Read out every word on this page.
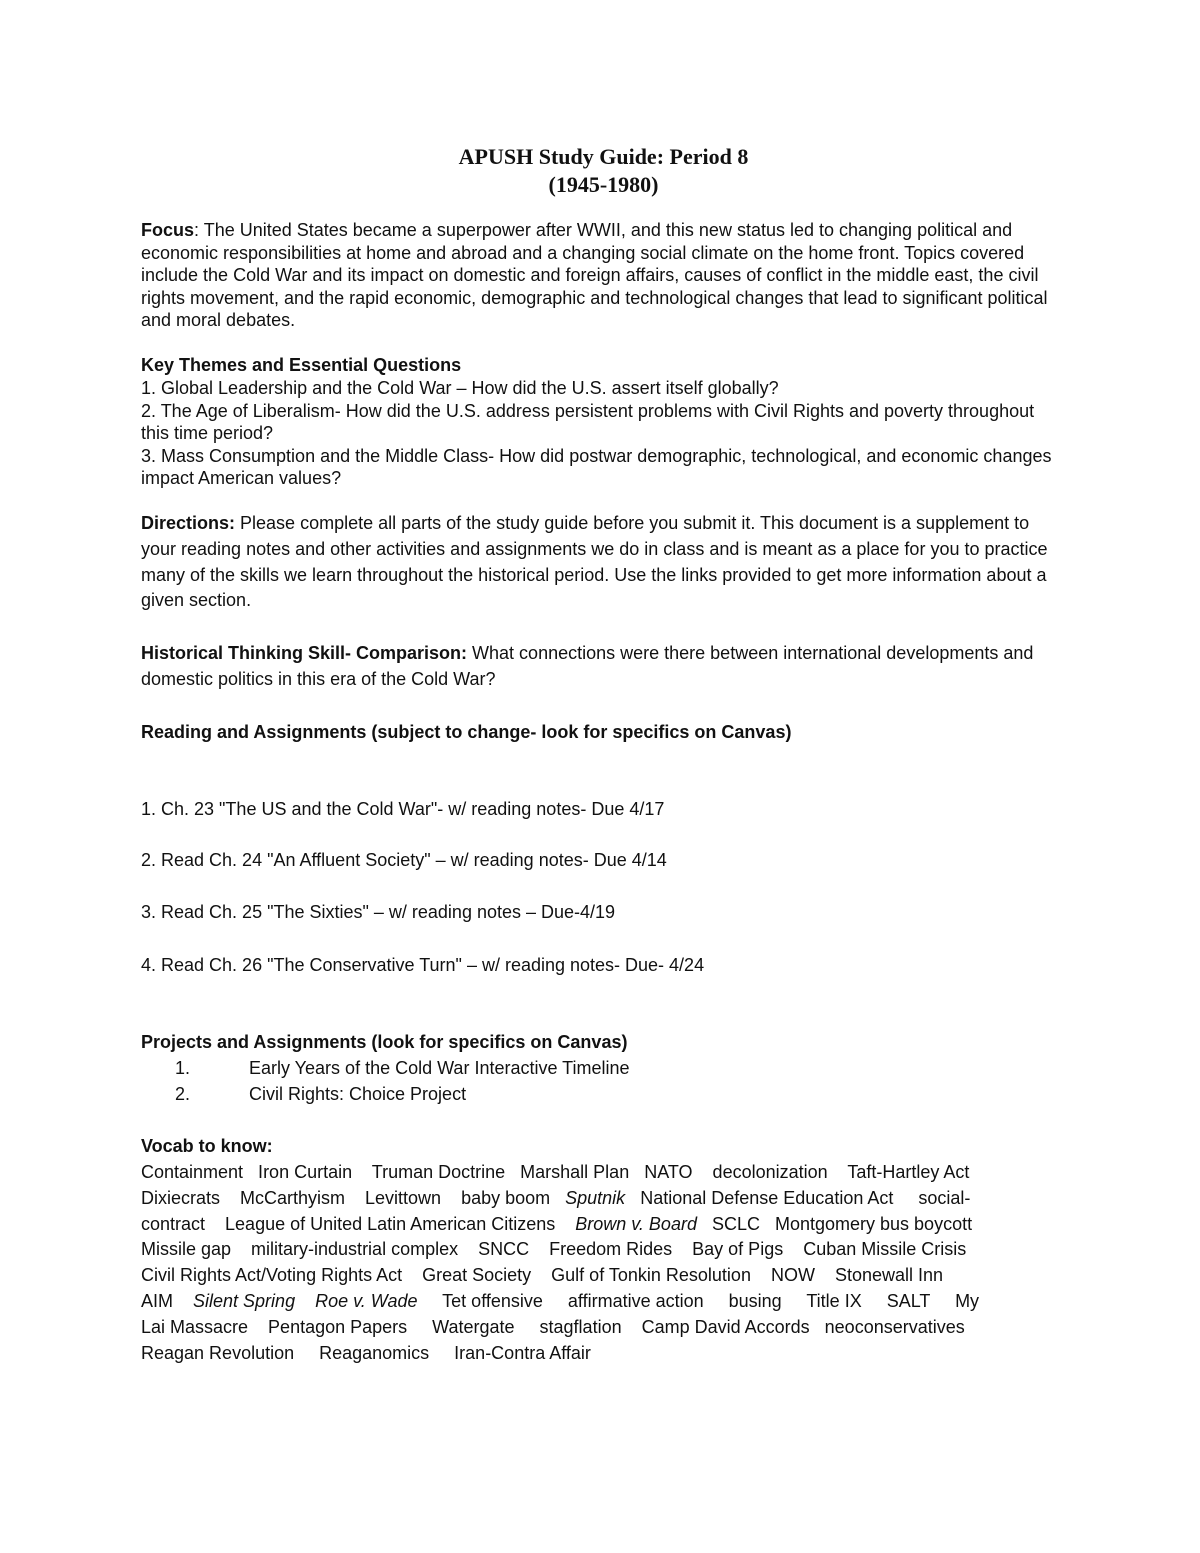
APUSH Study Guide: Period 8
(1945-1980)

Focus: The United States became a superpower after WWII, and this new status led to changing political and economic responsibilities at home and abroad and a changing social climate on the home front. Topics covered include the Cold War and its impact on domestic and foreign affairs, causes of conflict in the middle east, the civil rights movement, and the rapid economic, demographic and technological changes that lead to significant political and moral debates.

Key Themes and Essential Questions
1. Global Leadership and the Cold War – How did the U.S. assert itself globally?
2. The Age of Liberalism- How did the U.S. address persistent problems with Civil Rights and poverty throughout this time period?
3. Mass Consumption and the Middle Class- How did postwar demographic, technological, and economic changes impact American values?

Directions: Please complete all parts of the study guide before you submit it. This document is a supplement to your reading notes and other activities and assignments we do in class and is meant as a place for you to practice many of the skills we learn throughout the historical period. Use the links provided to get more information about a given section.

Historical Thinking Skill- Comparison: What connections were there between international developments and domestic politics in this era of the Cold War?

Reading and Assignments (subject to change- look for specifics on Canvas)
1. Ch. 23 "The US and the Cold War"- w/ reading notes- Due 4/17
2. Read Ch. 24 "An Affluent Society" – w/ reading notes- Due 4/14
3. Read Ch. 25 "The Sixties" – w/ reading notes – Due-4/19
4. Read Ch. 26 "The Conservative Turn" – w/ reading notes- Due- 4/24
Projects and Assignments (look for specifics on Canvas)
1.	Early Years of the Cold War Interactive Timeline
2.	Civil Rights: Choice Project
Vocab to know:
Containment   Iron Curtain    Truman Doctrine   Marshall Plan   NATO    decolonization    Taft-Hartley Act
Dixiecrats    McCarthyism    Levittown    baby boom   Sputnik   National Defense Education Act     social-
contract    League of United Latin American Citizens    Brown v. Board   SCLC   Montgomery bus boycott
Missile gap    military-industrial complex    SNCC    Freedom Rides    Bay of Pigs    Cuban Missile Crisis
Civil Rights Act/Voting Rights Act    Great Society    Gulf of Tonkin Resolution    NOW    Stonewall Inn
AIM    Silent Spring Roe v. Wade     Tet offensive     affirmative action     busing     Title IX     SALT     My
Lai Massacre    Pentagon Papers     Watergate     stagflation    Camp David Accords   neoconservatives
Reagan Revolution     Reaganomics     Iran-Contra Affair
